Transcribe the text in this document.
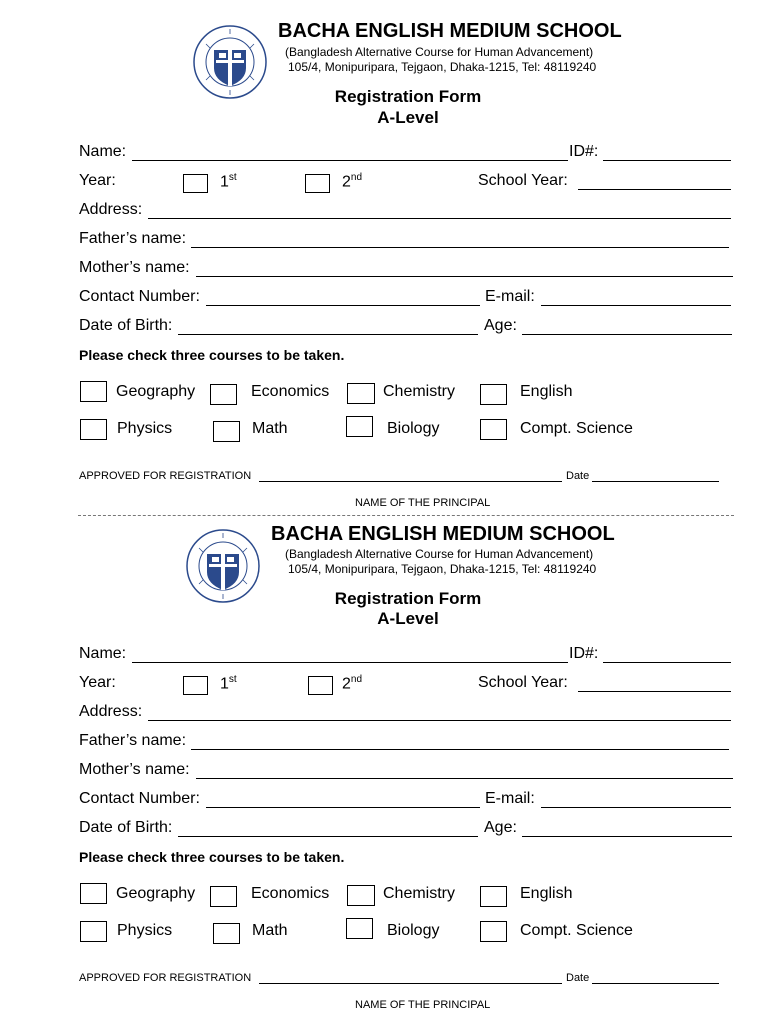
BACHA ENGLISH MEDIUM SCHOOL
(Bangladesh Alternative Course for Human Advancement)
105/4, Monipuripara, Tejgaon, Dhaka-1215, Tel: 48119240
Registration Form
A-Level
Name:	ID#:
Year:	1st	2nd	School Year:
Address:
Father’s name:
Mother’s name:
Contact Number:	E-mail:
Date of Birth:	Age:
Please check three courses to be taken.
Geography	Economics	Chemistry	English
Physics	Math	Biology	Compt. Science
APPROVED FOR REGISTRATION	Date
NAME OF THE PRINCIPAL
BACHA ENGLISH MEDIUM SCHOOL
(Bangladesh Alternative Course for Human Advancement)
105/4, Monipuripara, Tejgaon, Dhaka-1215, Tel: 48119240
Registration Form
A-Level
Name:	ID#:
Year:	1st	2nd	School Year:
Address:
Father’s name:
Mother’s name:
Contact Number:	E-mail:
Date of Birth:	Age:
Please check three courses to be taken.
Geography	Economics	Chemistry	English
Physics	Math	Biology	Compt. Science
APPROVED FOR REGISTRATION	Date
NAME OF THE PRINCIPAL
